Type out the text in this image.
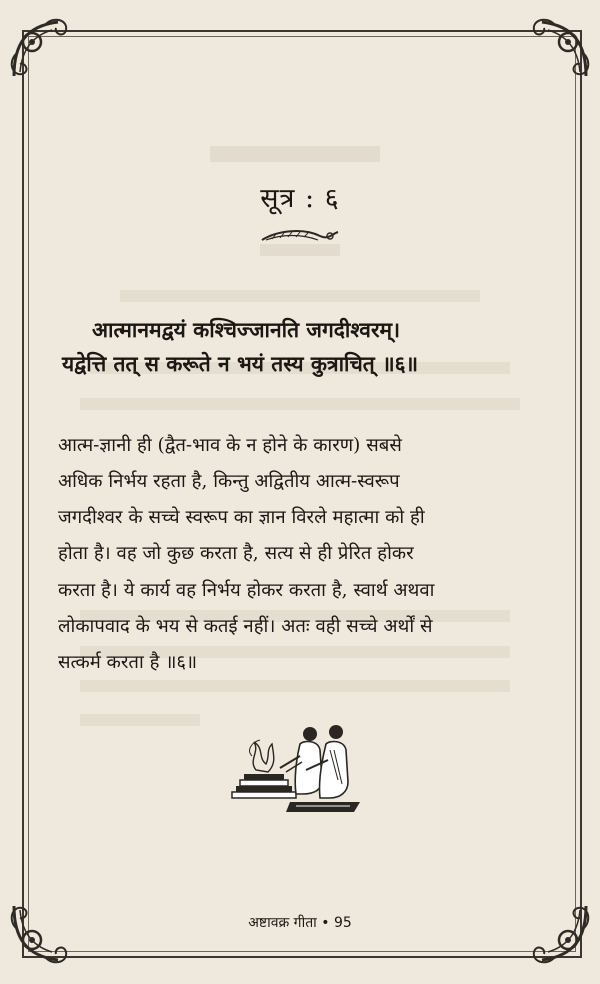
सूत्र : ६
आत्मानमद्वयं कश्चिज्जानति जगदीश्वरम्।
यद्वेत्ति तत् स करूते न भयं तस्य कुत्राचित् ॥६॥
आत्म-ज्ञानी ही (द्वैत-भाव के न होने के कारण) सबसे
अधिक निर्भय रहता है, किन्तु अद्वितीय आत्म-स्वरूप
जगदीश्वर के सच्चे स्वरूप का ज्ञान विरले महात्मा को ही
होता है। वह जो कुछ करता है, सत्य से ही प्रेरित होकर
करता है। ये कार्य वह निर्भय होकर करता है, स्वार्थ अथवा
लोकापवाद के भय से कतई नहीं। अतः वही सच्चे अर्थों से
सत्कर्म करता है ॥६॥
अष्टावक्र गीता • 95
